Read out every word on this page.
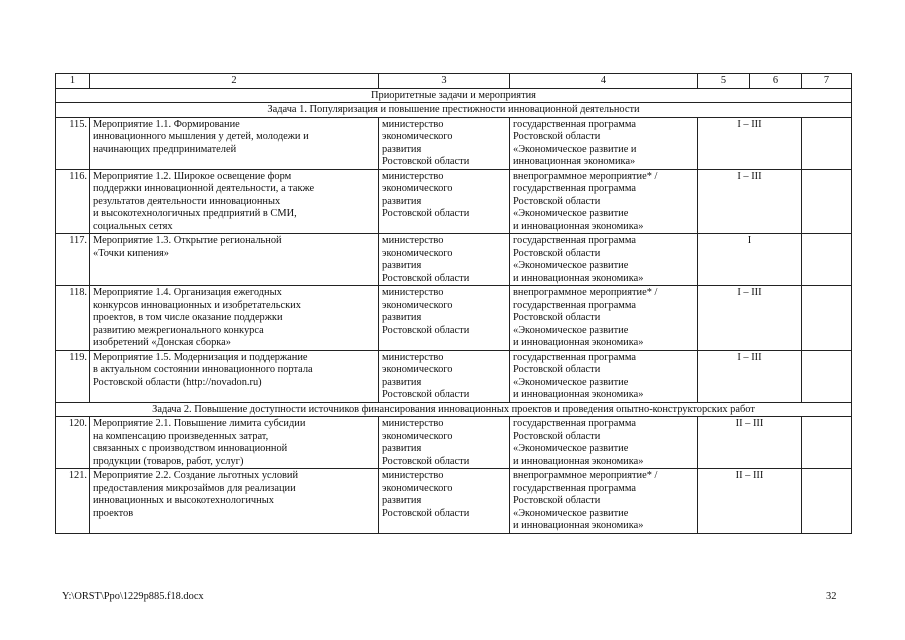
1	2	3	4	5	6	7
Приоритетные задачи и мероприятия						
Задача 1. Популяризация и повышение престижности инновационной деятельности						
115.	Мероприятие 1.1. Формирование
инновационного мышления у детей, молодежи и
начинающих предпринимателей	министерство
экономического
развития
Ростовской области	государственная программа
Ростовской области
«Экономическое развитие и
инновационная экономика»	I – III		
116.	Мероприятие 1.2. Широкое освещение форм
поддержки инновационной деятельности, а также
результатов деятельности инновационных
и высокотехнологичных предприятий в СМИ,
социальных сетях	министерство
экономического
развития
Ростовской области	внепрограммное мероприятие* /
государственная программа
Ростовской области
«Экономическое развитие
и инновационная экономика»	I – III		
117.	Мероприятие 1.3. Открытие региональной
«Точки кипения»	министерство
экономического
развития
Ростовской области	государственная программа
Ростовской области
«Экономическое развитие
и инновационная экономика»	I		
118.	Мероприятие 1.4. Организация ежегодных
конкурсов инновационных и изобретательских
проектов, в том числе оказание поддержки
развитию межрегионального конкурса
изобретений «Донская сборка»	министерство
экономического
развития
Ростовской области	внепрограммное мероприятие* /
государственная программа
Ростовской области
«Экономическое развитие
и инновационная экономика»	I – III		
119.	Мероприятие 1.5. Модернизация и поддержание
в актуальном состоянии инновационного портала
Ростовской области (http://novadon.ru)	министерство
экономического
развития
Ростовской области	государственная программа
Ростовской области
«Экономическое развитие
и инновационная экономика»	I – III		
Задача 2. Повышение доступности источников финансирования инновационных проектов и проведения опытно-конструкторских работ						
120.	Мероприятие 2.1. Повышение лимита субсидии
на компенсацию произведенных затрат,
связанных с производством инновационной
продукции (товаров, работ, услуг)	министерство
экономического
развития
Ростовской области	государственная программа
Ростовской области
«Экономическое развитие
и инновационная экономика»	II – III		
121.	Мероприятие 2.2. Создание льготных условий
предоставления микрозаймов для реализации
инновационных и высокотехнологичных
проектов	министерство
экономического
развития
Ростовской области	внепрограммное мероприятие* /
государственная программа
Ростовской области
«Экономическое развитие
и инновационная экономика»	II – III		
Y:\ORST\Ppo\1229p885.f18.docx	32
